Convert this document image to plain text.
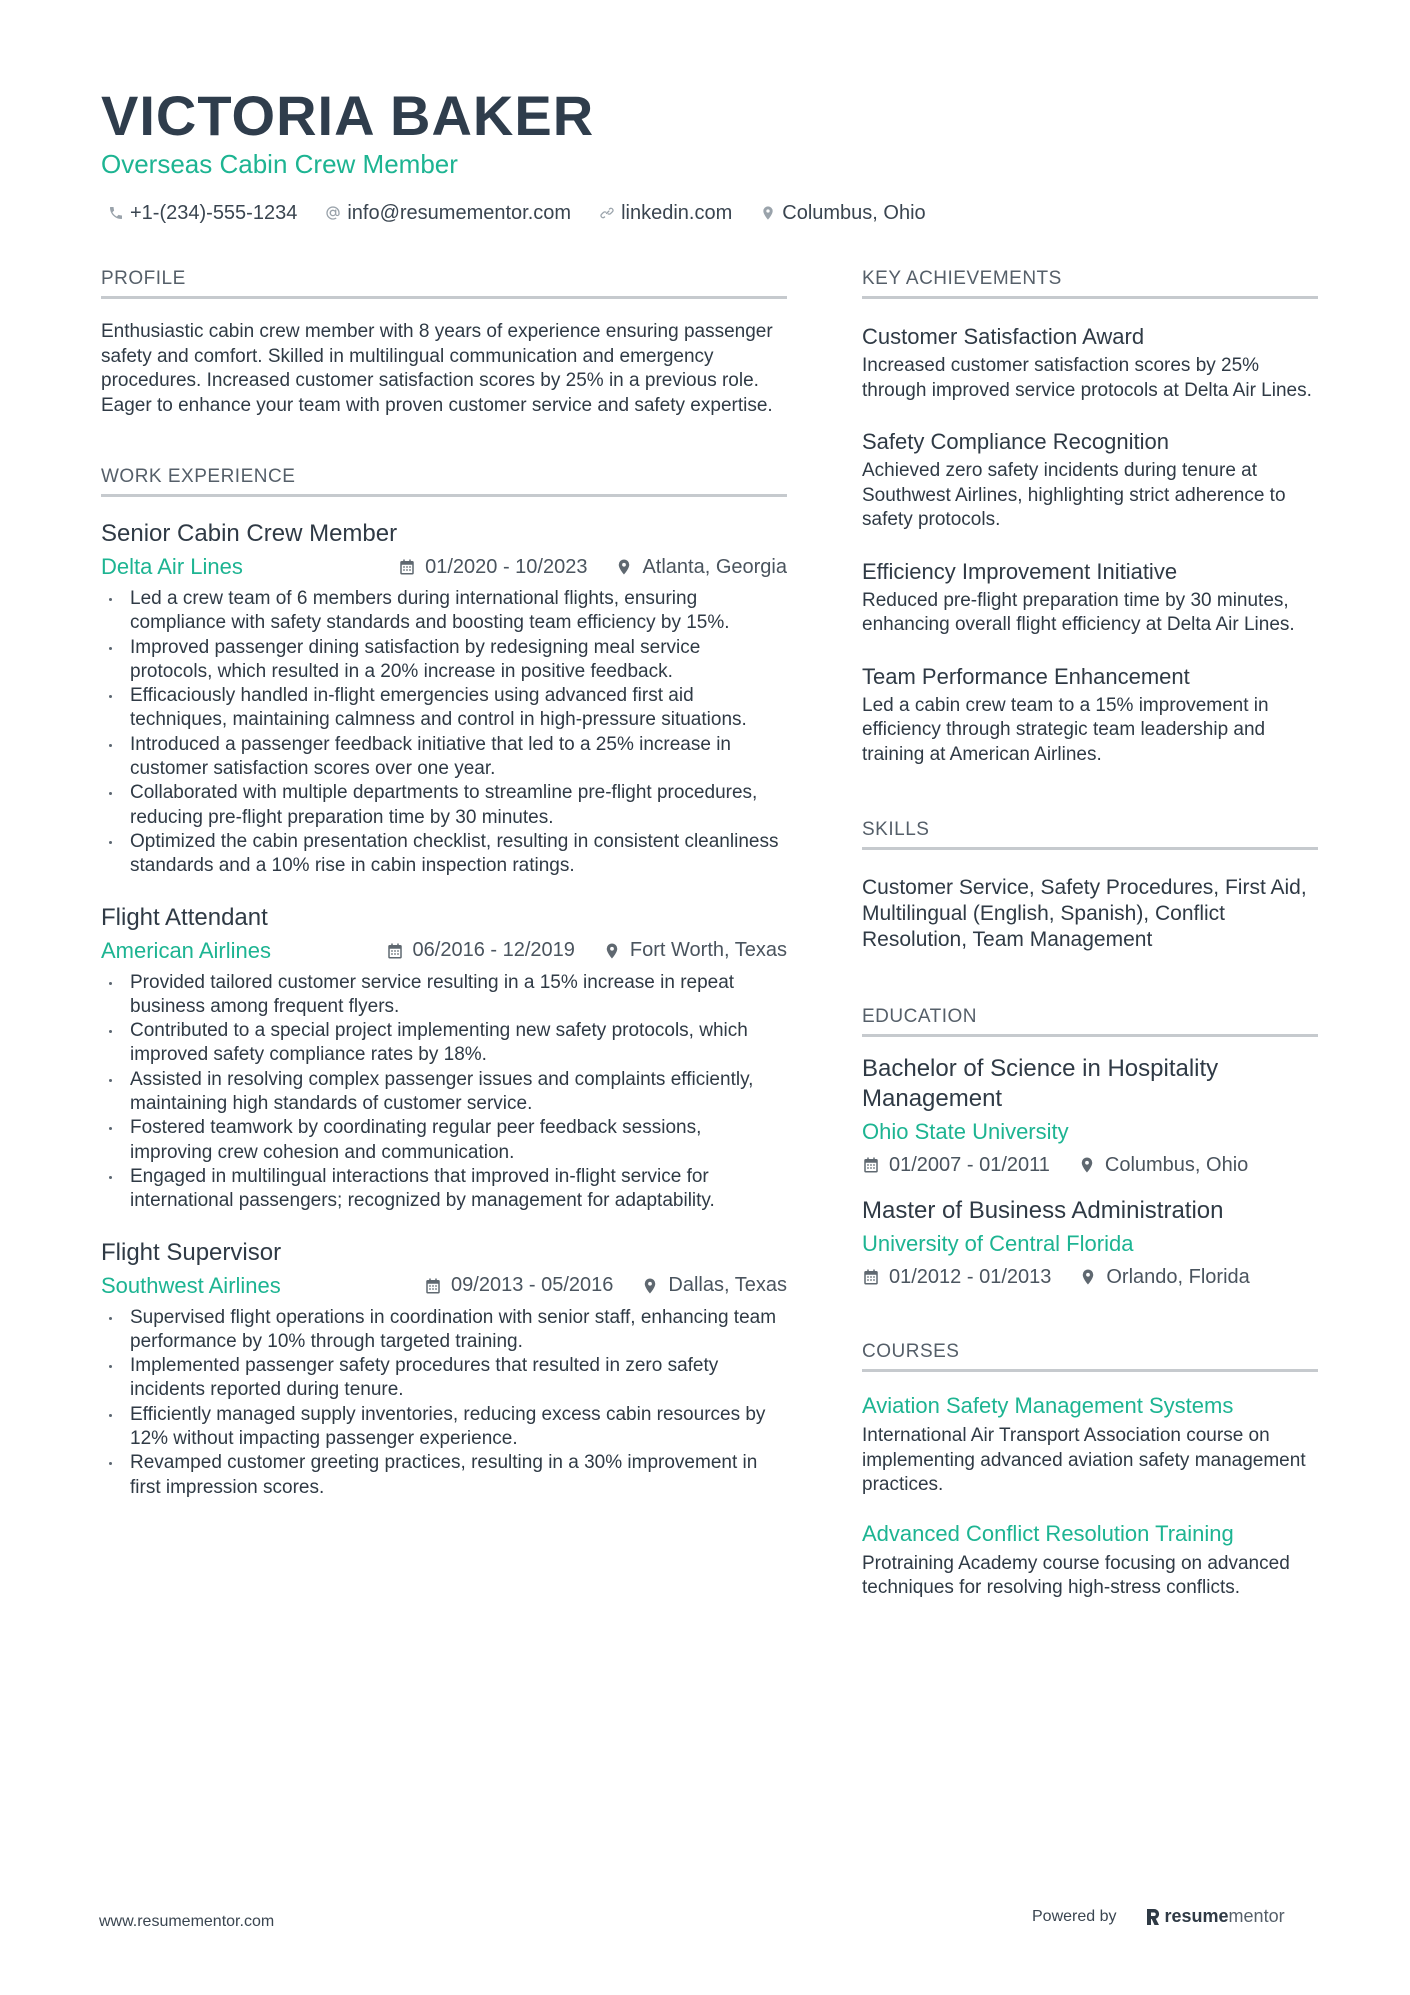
VICTORIA BAKER
Overseas Cabin Crew Member
+1-(234)-555-1234	info@resumementor.com	linkedin.com	Columbus, Ohio
PROFILE
Enthusiastic cabin crew member with 8 years of experience ensuring passenger safety and comfort. Skilled in multilingual communication and emergency procedures. Increased customer satisfaction scores by 25% in a previous role. Eager to enhance your team with proven customer service and safety expertise.
WORK EXPERIENCE
Senior Cabin Crew Member
Delta Air Lines	01/2020 - 10/2023	Atlanta, Georgia
Led a crew team of 6 members during international flights, ensuring compliance with safety standards and boosting team efficiency by 15%.
Improved passenger dining satisfaction by redesigning meal service protocols, which resulted in a 20% increase in positive feedback.
Efficaciously handled in-flight emergencies using advanced first aid techniques, maintaining calmness and control in high-pressure situations.
Introduced a passenger feedback initiative that led to a 25% increase in customer satisfaction scores over one year.
Collaborated with multiple departments to streamline pre-flight procedures, reducing pre-flight preparation time by 30 minutes.
Optimized the cabin presentation checklist, resulting in consistent cleanliness standards and a 10% rise in cabin inspection ratings.
Flight Attendant
American Airlines	06/2016 - 12/2019	Fort Worth, Texas
Provided tailored customer service resulting in a 15% increase in repeat business among frequent flyers.
Contributed to a special project implementing new safety protocols, which improved safety compliance rates by 18%.
Assisted in resolving complex passenger issues and complaints efficiently, maintaining high standards of customer service.
Fostered teamwork by coordinating regular peer feedback sessions, improving crew cohesion and communication.
Engaged in multilingual interactions that improved in-flight service for international passengers; recognized by management for adaptability.
Flight Supervisor
Southwest Airlines	09/2013 - 05/2016	Dallas, Texas
Supervised flight operations in coordination with senior staff, enhancing team performance by 10% through targeted training.
Implemented passenger safety procedures that resulted in zero safety incidents reported during tenure.
Efficiently managed supply inventories, reducing excess cabin resources by 12% without impacting passenger experience.
Revamped customer greeting practices, resulting in a 30% improvement in first impression scores.
KEY ACHIEVEMENTS
Customer Satisfaction Award
Increased customer satisfaction scores by 25% through improved service protocols at Delta Air Lines.
Safety Compliance Recognition
Achieved zero safety incidents during tenure at Southwest Airlines, highlighting strict adherence to safety protocols.
Efficiency Improvement Initiative
Reduced pre-flight preparation time by 30 minutes, enhancing overall flight efficiency at Delta Air Lines.
Team Performance Enhancement
Led a cabin crew team to a 15% improvement in efficiency through strategic team leadership and training at American Airlines.
SKILLS
Customer Service, Safety Procedures, First Aid, Multilingual (English, Spanish), Conflict Resolution, Team Management
EDUCATION
Bachelor of Science in Hospitality Management
Ohio State University
01/2007 - 01/2011	Columbus, Ohio
Master of Business Administration
University of Central Florida
01/2012 - 01/2013	Orlando, Florida
COURSES
Aviation Safety Management Systems
International Air Transport Association course on implementing advanced aviation safety management practices.
Advanced Conflict Resolution Training
Protraining Academy course focusing on advanced techniques for resolving high-stress conflicts.
www.resumementor.com	Powered by	resume mentor
